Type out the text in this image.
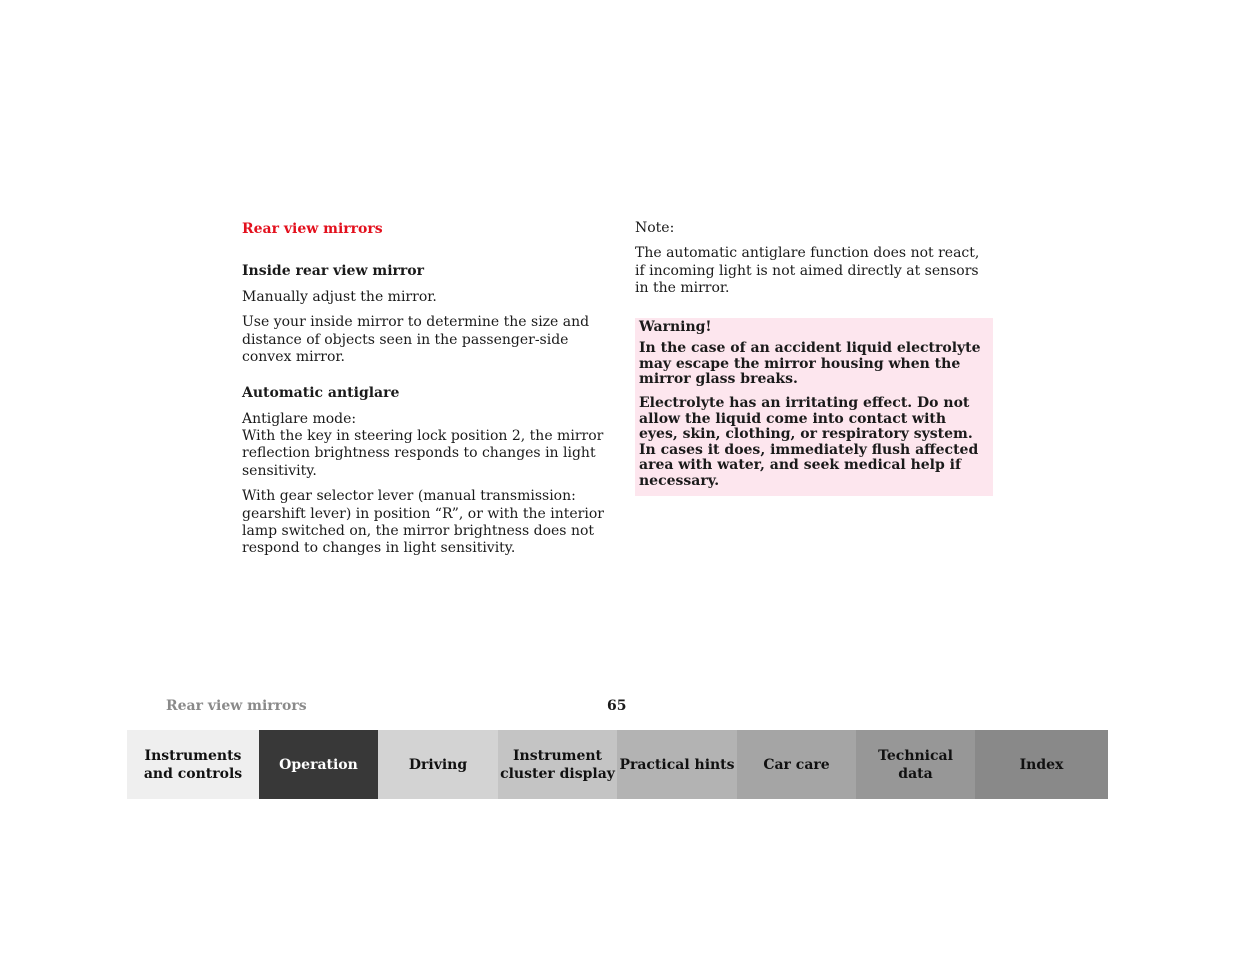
Rear view mirrors
Inside rear view mirror

Manually adjust the mirror.

Use your inside mirror to determine the size and distance of objects seen in the passenger-side convex mirror.

Automatic antiglare

Antiglare mode:
With the key in steering lock position 2, the mirror reflection brightness responds to changes in light sensitivity.

With gear selector lever (manual transmission: gearshift lever) in position “R”, or with the interior lamp switched on, the mirror brightness does not respond to changes in light sensitivity.

Note:

The automatic antiglare function does not react, if incoming light is not aimed directly at sensors in the mirror.

Warning!

In the case of an accident liquid electrolyte may escape the mirror housing when the mirror glass breaks.

Electrolyte has an irritating effect. Do not allow the liquid come into contact with eyes, skin, clothing, or respiratory system. In cases it does, immediately flush affected area with water, and seek medical help if necessary.

Rear view mirrors	65
Instruments
and controls
Operation	Driving
Instrument
cluster display
Practical hints	Car care
Technical
data
Index
